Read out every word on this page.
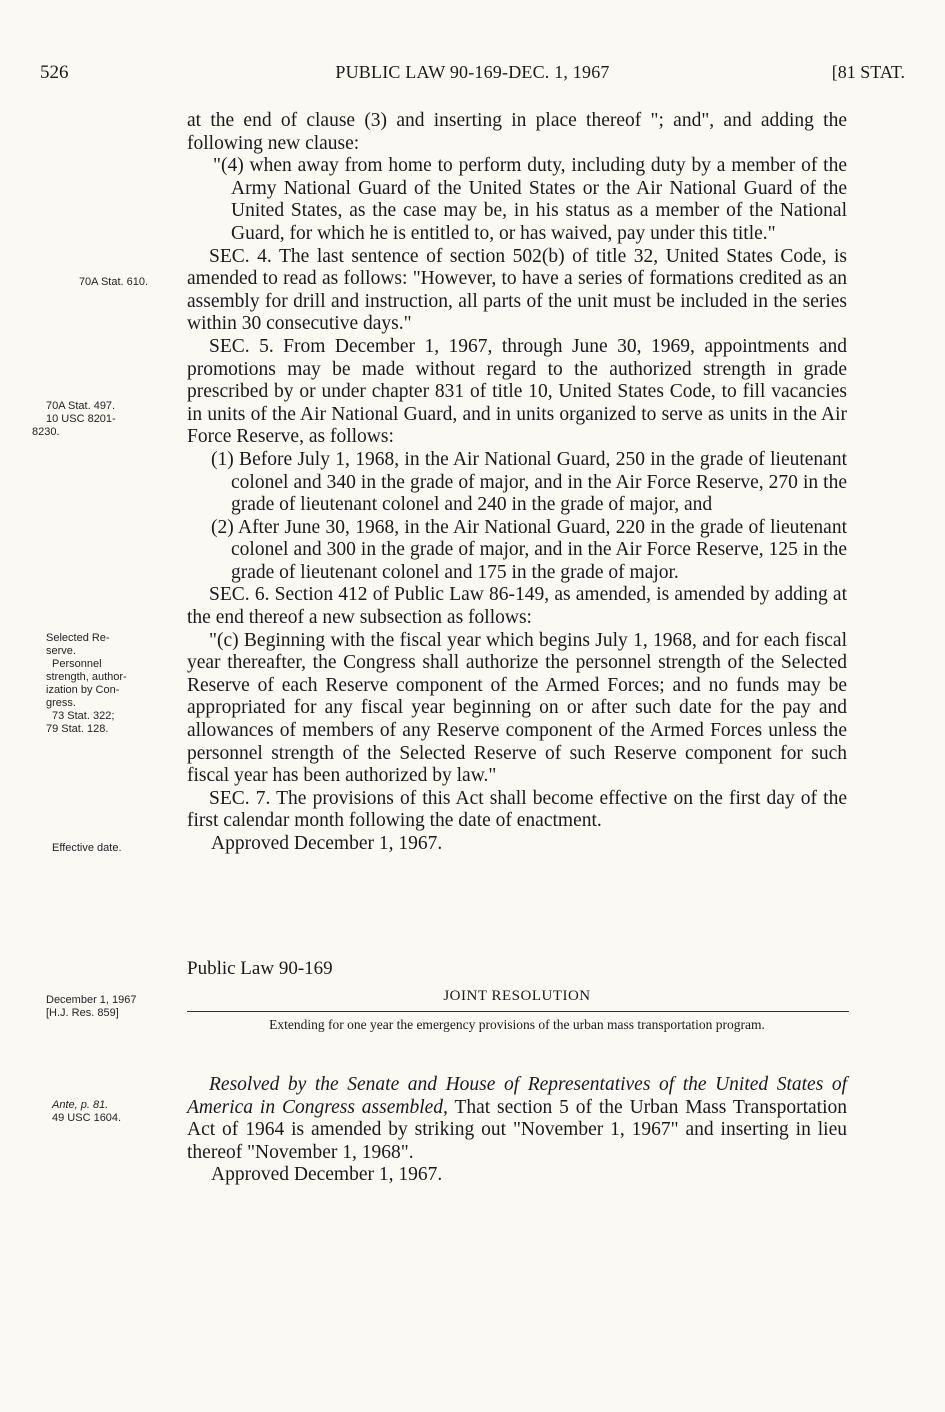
526	PUBLIC LAW 90-169-DEC. 1, 1967	[81 STAT.

70A Stat. 610.

70A Stat. 497.

10 USC 8201-

8230.

Selected Re-

serve.

Personnel

strength, author-

ization by Con-

gress.

73 Stat. 322;

79 Stat. 128.

Effective date.

December 1, 1967

[H.J. Res. 859]

Ante, p. 81.

49 USC 1604.

at the end of clause (3) and inserting in place thereof "; and", and adding the following new clause:

"(4) when away from home to perform duty, including duty by a member of the Army National Guard of the United States or the Air National Guard of the United States, as the case may be, in his status as a member of the National Guard, for which he is entitled to, or has waived, pay under this title."

SEC. 4. The last sentence of section 502(b) of title 32, United States Code, is amended to read as follows: "However, to have a series of formations credited as an assembly for drill and instruction, all parts of the unit must be included in the series within 30 consecutive days."

SEC. 5. From December 1, 1967, through June 30, 1969, appointments and promotions may be made without regard to the authorized strength in grade prescribed by or under chapter 831 of title 10, United States Code, to fill vacancies in units of the Air National Guard, and in units organized to serve as units in the Air Force Reserve, as follows:

(1) Before July 1, 1968, in the Air National Guard, 250 in the grade of lieutenant colonel and 340 in the grade of major, and in the Air Force Reserve, 270 in the grade of lieutenant colonel and 240 in the grade of major, and

(2) After June 30, 1968, in the Air National Guard, 220 in the grade of lieutenant colonel and 300 in the grade of major, and in the Air Force Reserve, 125 in the grade of lieutenant colonel and 175 in the grade of major.

SEC. 6. Section 412 of Public Law 86-149, as amended, is amended by adding at the end thereof a new subsection as follows:

"(c) Beginning with the fiscal year which begins July 1, 1968, and for each fiscal year thereafter, the Congress shall authorize the personnel strength of the Selected Reserve of each Reserve component of the Armed Forces; and no funds may be appropriated for any fiscal year beginning on or after such date for the pay and allowances of members of any Reserve component of the Armed Forces unless the personnel strength of the Selected Reserve of such Reserve component for such fiscal year has been authorized by law."

SEC. 7. The provisions of this Act shall become effective on the first day of the first calendar month following the date of enactment.

Approved December 1, 1967.

Public Law 90-169

JOINT RESOLUTION

Extending for one year the emergency provisions of the urban mass transportation program.

Resolved by the Senate and House of Representatives of the United States of America in Congress assembled, That section 5 of the Urban Mass Transportation Act of 1964 is amended by striking out "November 1, 1967" and inserting in lieu thereof "November 1, 1968".

Approved December 1, 1967.
